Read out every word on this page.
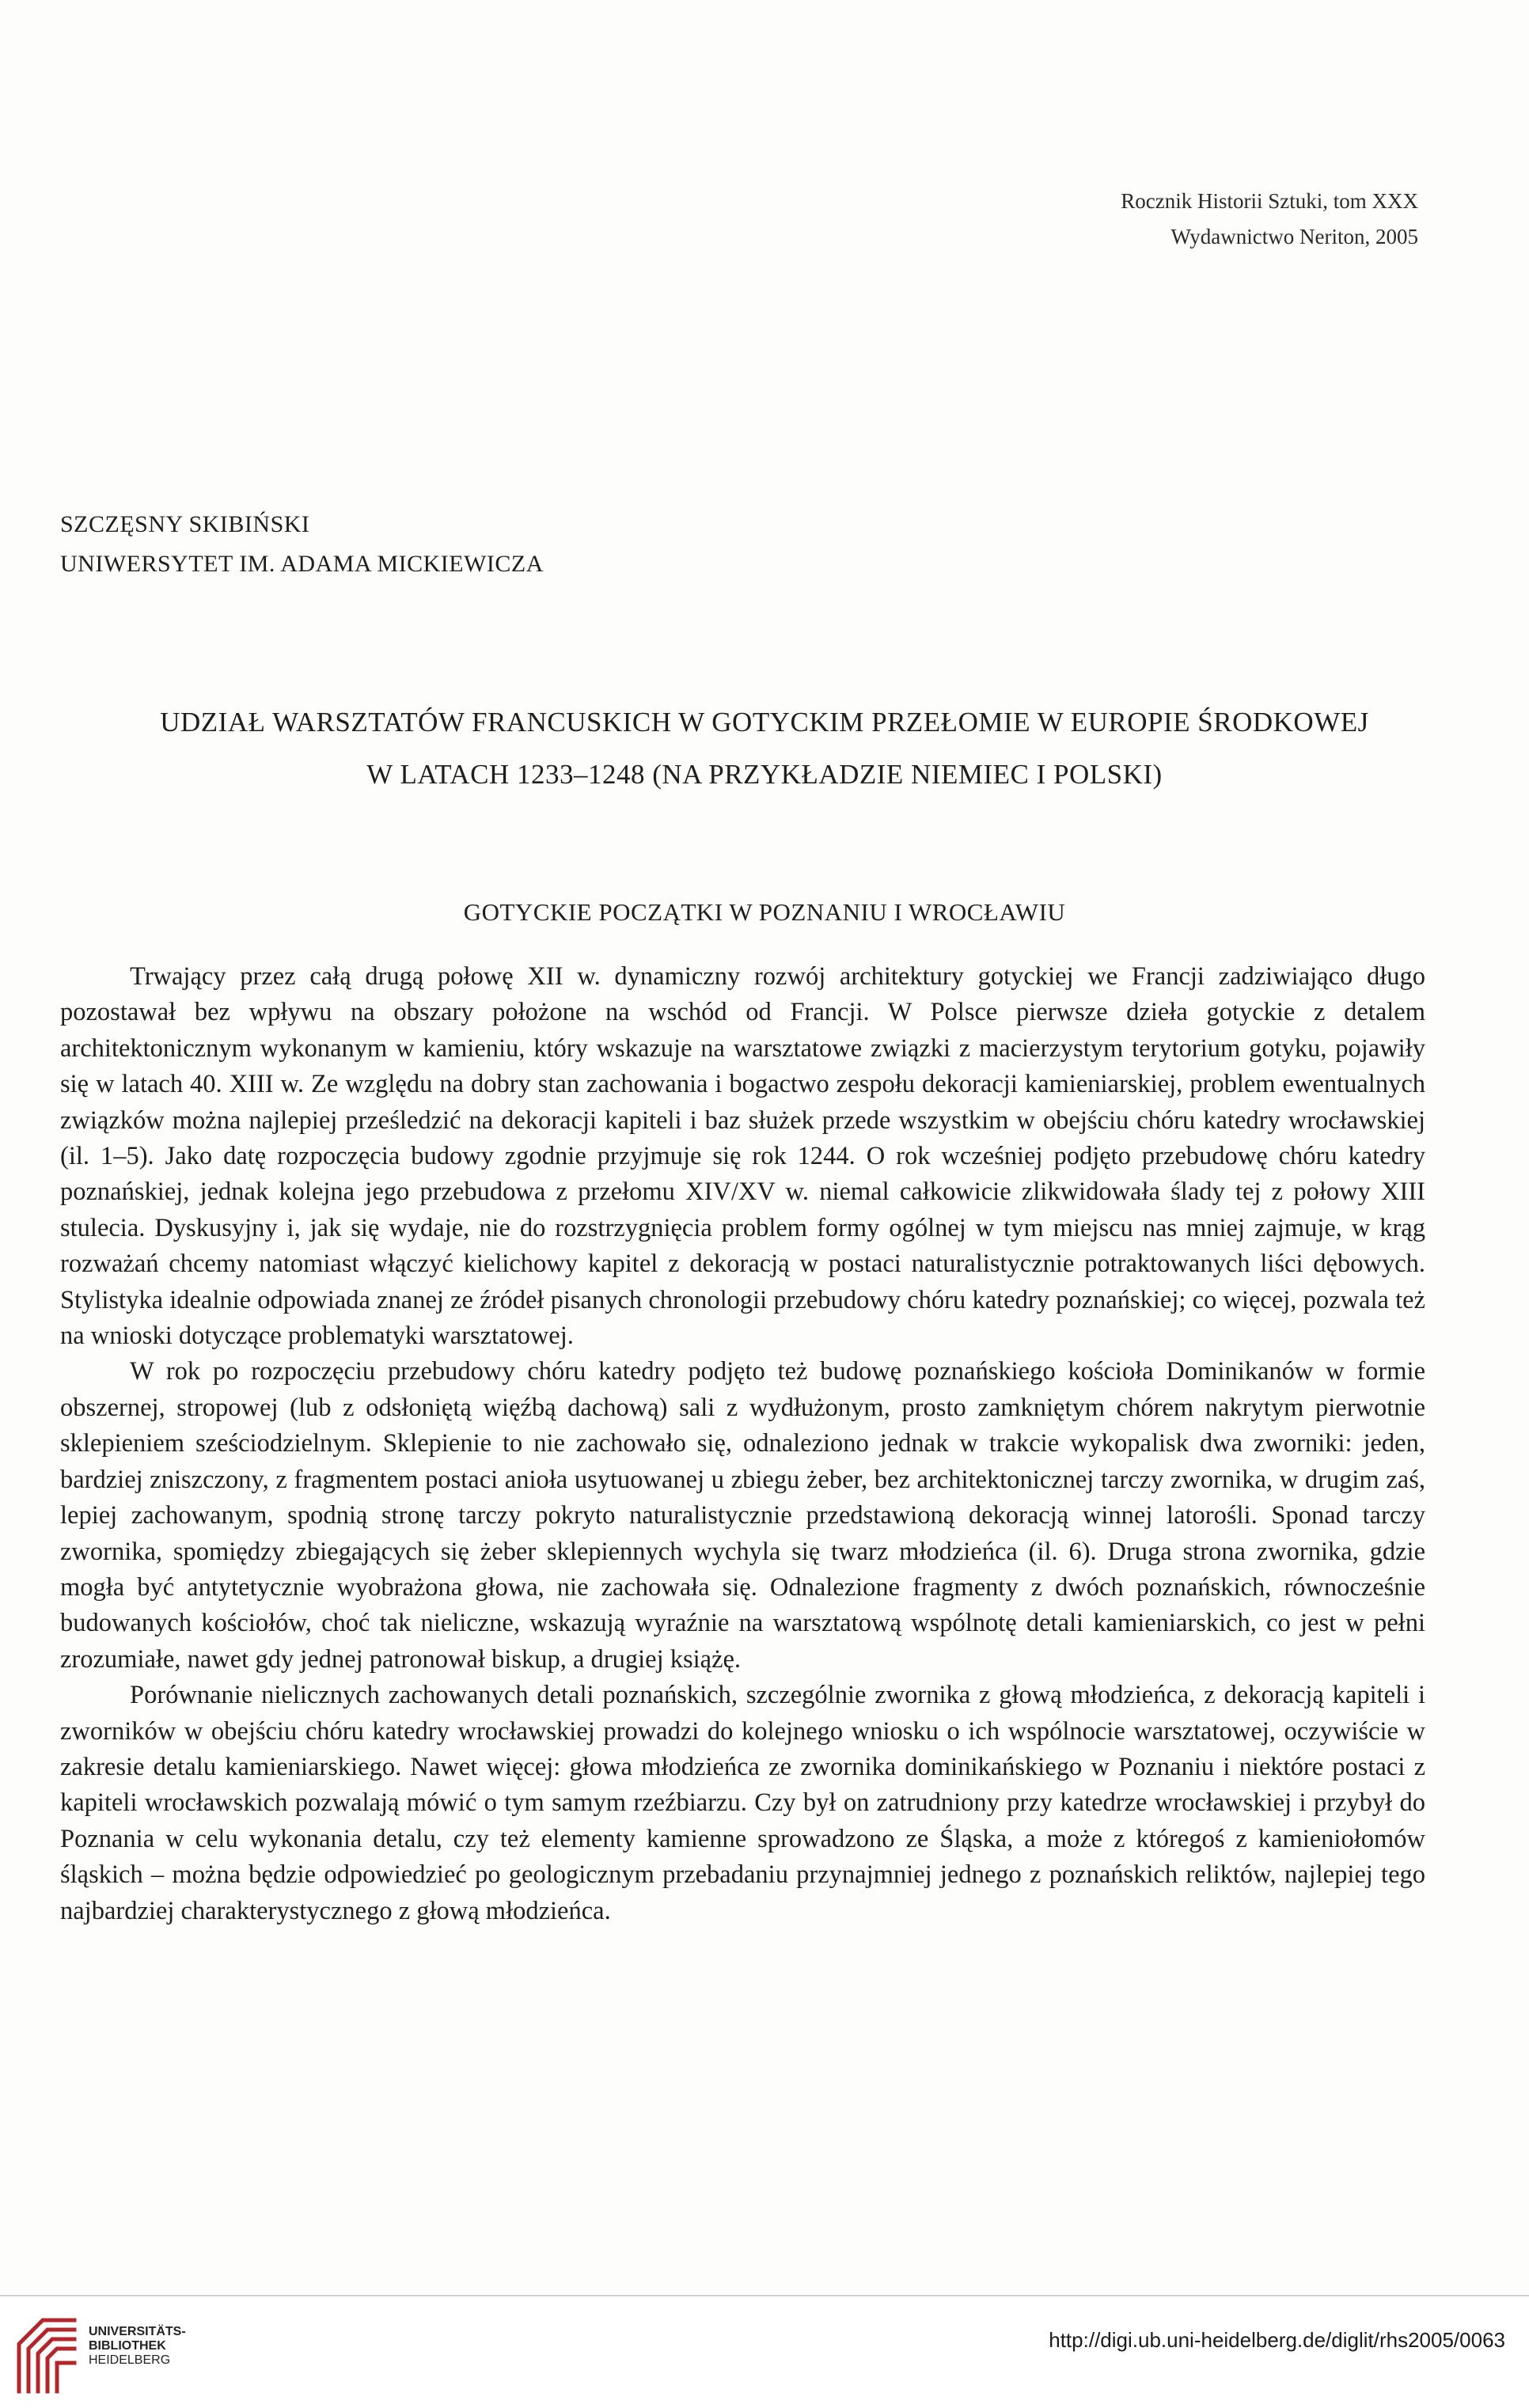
Rocznik Historii Sztuki, tom XXX
Wydawnictwo Neriton, 2005
SZCZĘSNY SKIBIŃSKI
UNIWERSYTET IM. ADAMA MICKIEWICZA
UDZIAŁ WARSZTATÓW FRANCUSKICH W GOTYCKIM PRZEŁOMIE W EUROPIE ŚRODKOWEJ
W LATACH 1233–1248 (NA PRZYKŁADZIE NIEMIEC I POLSKI)
GOTYCKIE POCZĄTKI W POZNANIU I WROCŁAWIU

Trwający przez całą drugą połowę XII w. dynamiczny rozwój architektury gotyckiej we Francji zadziwiająco długo pozostawał bez wpływu na obszary położone na wschód od Francji. W Polsce pierwsze dzieła gotyckie z detalem architektonicznym wykonanym w kamieniu, który wskazuje na warsztatowe związki z macierzystym terytorium gotyku, pojawiły się w latach 40. XIII w. Ze względu na dobry stan zachowania i bogactwo zespołu dekoracji kamieniarskiej, problem ewentualnych związków można najlepiej prześledzić na dekoracji kapiteli i baz służek przede wszystkim w obejściu chóru katedry wrocławskiej (il. 1–5). Jako datę rozpoczęcia budowy zgodnie przyjmuje się rok 1244. O rok wcześniej podjęto przebudowę chóru katedry poznańskiej, jednak kolejna jego przebudowa z przełomu XIV/XV w. niemal całkowicie zlikwidowała ślady tej z połowy XIII stulecia. Dyskusyjny i, jak się wydaje, nie do rozstrzygnięcia problem formy ogólnej w tym miejscu nas mniej zajmuje, w krąg rozważań chcemy natomiast włączyć kielichowy kapitel z dekoracją w postaci naturalistycznie potraktowanych liści dębowych. Stylistyka idealnie odpowiada znanej ze źródeł pisanych chronologii przebudowy chóru katedry poznańskiej; co więcej, pozwala też na wnioski dotyczące problematyki warsztatowej.

W rok po rozpoczęciu przebudowy chóru katedry podjęto też budowę poznańskiego kościoła Dominikanów w formie obszernej, stropowej (lub z odsłoniętą więźbą dachową) sali z wydłużonym, prosto zamkniętym chórem nakrytym pierwotnie sklepieniem sześciodzielnym. Sklepienie to nie zachowało się, odnaleziono jednak w trakcie wykopalisk dwa zworniki: jeden, bardziej zniszczony, z fragmentem postaci anioła usytuowanej u zbiegu żeber, bez architektonicznej tarczy zwornika, w drugim zaś, lepiej zachowanym, spodnią stronę tarczy pokryto naturalistycznie przedstawioną dekoracją winnej latorośli. Sponad tarczy zwornika, spomiędzy zbiegających się żeber sklepiennych wychyla się twarz młodzieńca (il. 6). Druga strona zwornika, gdzie mogła być antytetycznie wyobrażona głowa, nie zachowała się. Odnalezione fragmenty z dwóch poznańskich, równocześnie budowanych kościołów, choć tak nieliczne, wskazują wyraźnie na warsztatową wspólnotę detali kamieniarskich, co jest w pełni zrozumiałe, nawet gdy jednej patronował biskup, a drugiej książę.

Porównanie nielicznych zachowanych detali poznańskich, szczególnie zwornika z głową młodzieńca, z dekoracją kapiteli i zworników w obejściu chóru katedry wrocławskiej prowadzi do kolejnego wniosku o ich wspólnocie warsztatowej, oczywiście w zakresie detalu kamieniarskiego. Nawet więcej: głowa młodzieńca ze zwornika dominikańskiego w Poznaniu i niektóre postaci z kapiteli wrocławskich pozwalają mówić o tym samym rzeźbiarzu. Czy był on zatrudniony przy katedrze wrocławskiej i przybył do Poznania w celu wykonania detalu, czy też elementy kamienne sprowadzono ze Śląska, a może z któregoś z kamieniołomów śląskich – można będzie odpowiedzieć po geologicznym przebadaniu przynajmniej jednego z poznańskich reliktów, najlepiej tego najbardziej charakterystycznego z głową młodzieńca.

UNIVERSITÄTS-
BIBLIOTHEK
HEIDELBERG
http://digi.ub.uni-heidelberg.de/diglit/rhs2005/0063
